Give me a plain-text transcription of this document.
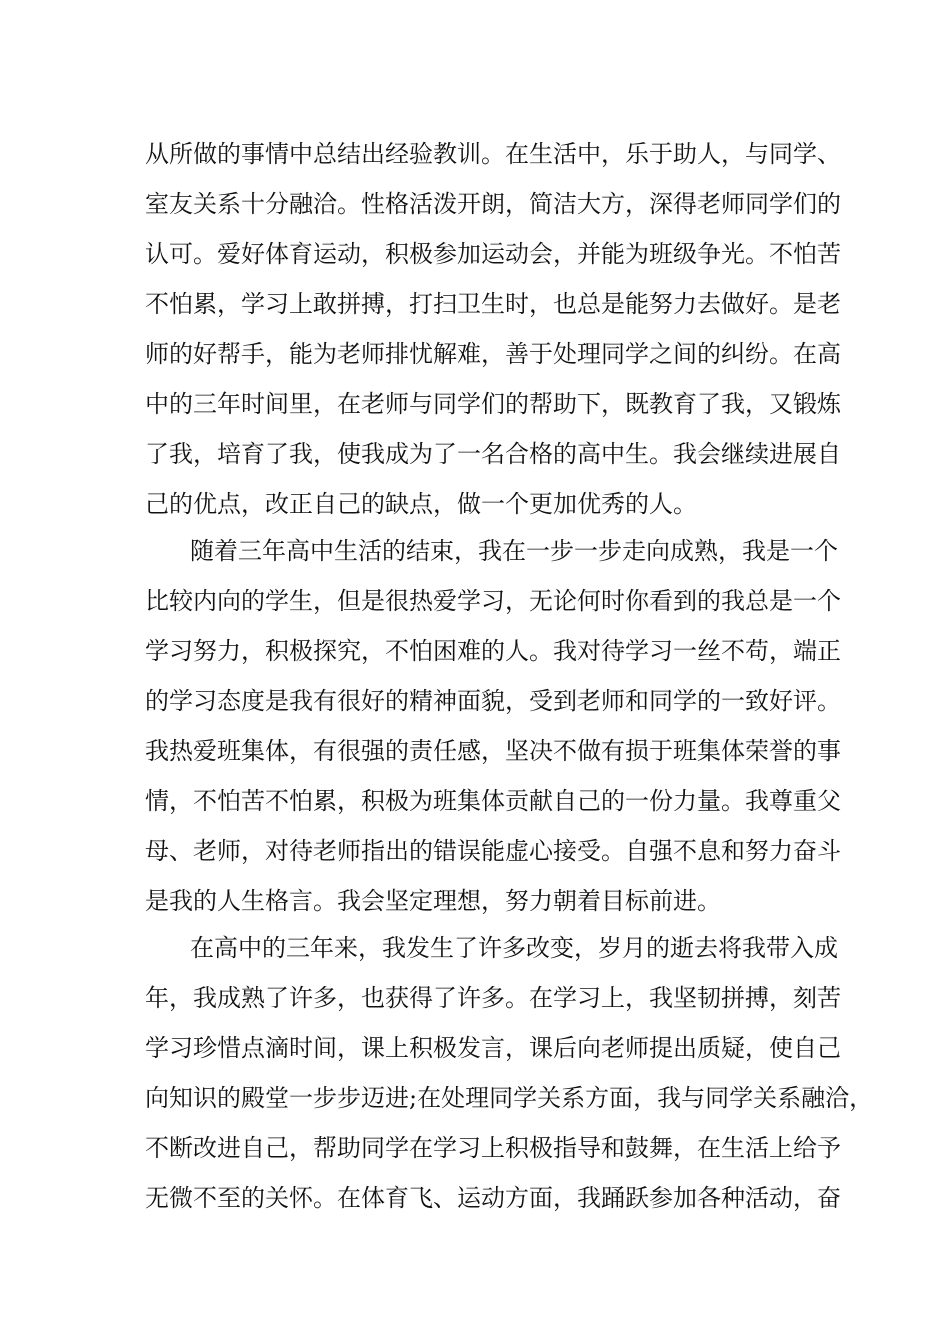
从所做的事情中总结出经验教训。在生活中，乐于助人，与同学、
室友关系十分融洽。性格活泼开朗，简洁大方，深得老师同学们的
认可。爱好体育运动，积极参加运动会，并能为班级争光。不怕苦
不怕累，学习上敢拼搏，打扫卫生时，也总是能努力去做好。是老
师的好帮手，能为老师排忧解难，善于处理同学之间的纠纷。在高
中的三年时间里，在老师与同学们的帮助下，既教育了我，又锻炼
了我，培育了我，使我成为了一名合格的高中生。我会继续进展自
己的优点，改正自己的缺点，做一个更加优秀的人。
随着三年高中生活的结束，我在一步一步走向成熟，我是一个
比较内向的学生，但是很热爱学习，无论何时你看到的我总是一个
学习努力，积极探究，不怕困难的人。我对待学习一丝不苟，端正
的学习态度是我有很好的精神面貌，受到老师和同学的一致好评。
我热爱班集体，有很强的责任感，坚决不做有损于班集体荣誉的事
情，不怕苦不怕累，积极为班集体贡献自己的一份力量。我尊重父
母、老师，对待老师指出的错误能虚心接受。自强不息和努力奋斗
是我的人生格言。我会坚定理想，努力朝着目标前进。
在高中的三年来，我发生了许多改变，岁月的逝去将我带入成
年，我成熟了许多，也获得了许多。在学习上，我坚韧拼搏，刻苦
学习珍惜点滴时间，课上积极发言，课后向老师提出质疑，使自己
向知识的殿堂一步步迈进;在处理同学关系方面，我与同学关系融洽，
不断改进自己，帮助同学在学习上积极指导和鼓舞，在生活上给予
无微不至的关怀。在体育飞、运动方面，我踊跃参加各种活动，奋
